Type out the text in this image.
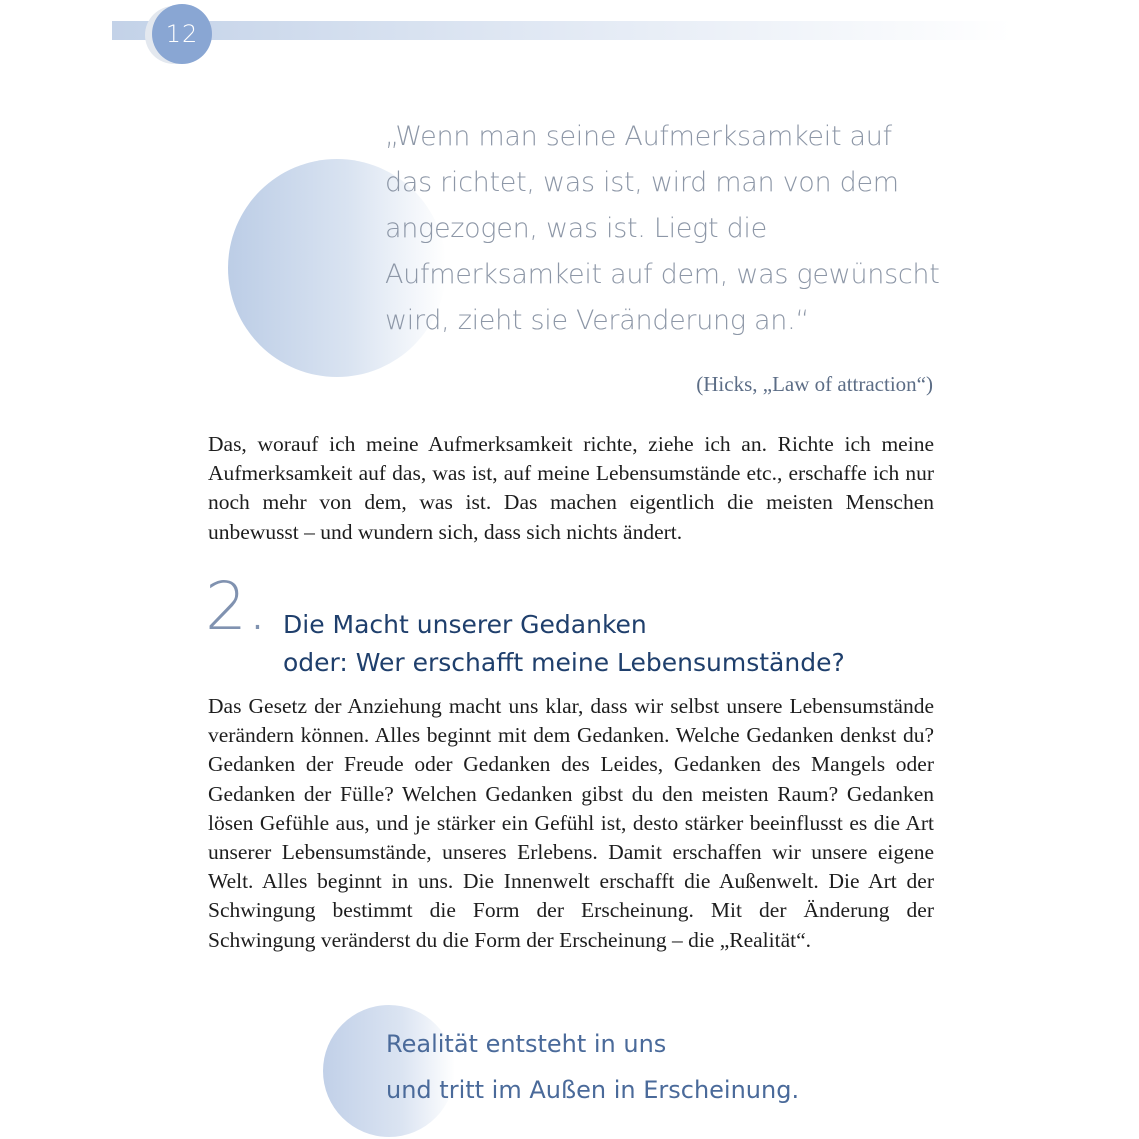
12

„Wenn man seine Aufmerksamkeit auf das richtet, was ist, wird man von dem angezogen, was ist. Liegt die Aufmerksamkeit auf dem, was gewünscht wird, zieht sie Veränderung an.“

(Hicks, „Law of attraction“)

Das, worauf ich meine Aufmerksamkeit richte, ziehe ich an. Richte ich meine Aufmerksamkeit auf das, was ist, auf meine Lebensumstände etc., erschaffe ich nur noch mehr von dem, was ist. Das machen eigentlich die meisten Menschen unbewusst – und wundern sich, dass sich nichts ändert.

2. Die Macht unserer Gedanken
oder: Wer erschafft meine Lebensumstände?

Das Gesetz der Anziehung macht uns klar, dass wir selbst unsere Lebensumstände verändern können. Alles beginnt mit dem Gedanken. Welche Gedanken denkst du? Gedanken der Freude oder Gedanken des Leides, Gedanken des Mangels oder Gedanken der Fülle? Welchen Gedanken gibst du den meisten Raum? Gedanken lösen Gefühle aus, und je stärker ein Gefühl ist, desto stärker beeinflusst es die Art unserer Lebensumstände, unseres Erlebens. Damit erschaffen wir unsere eigene Welt. Alles beginnt in uns. Die Innenwelt erschafft die Außenwelt. Die Art der Schwingung bestimmt die Form der Erscheinung. Mit der Änderung der Schwingung veränderst du die Form der Erscheinung – die „Realität“.

Realität entsteht in uns
und tritt im Außen in Erscheinung.
